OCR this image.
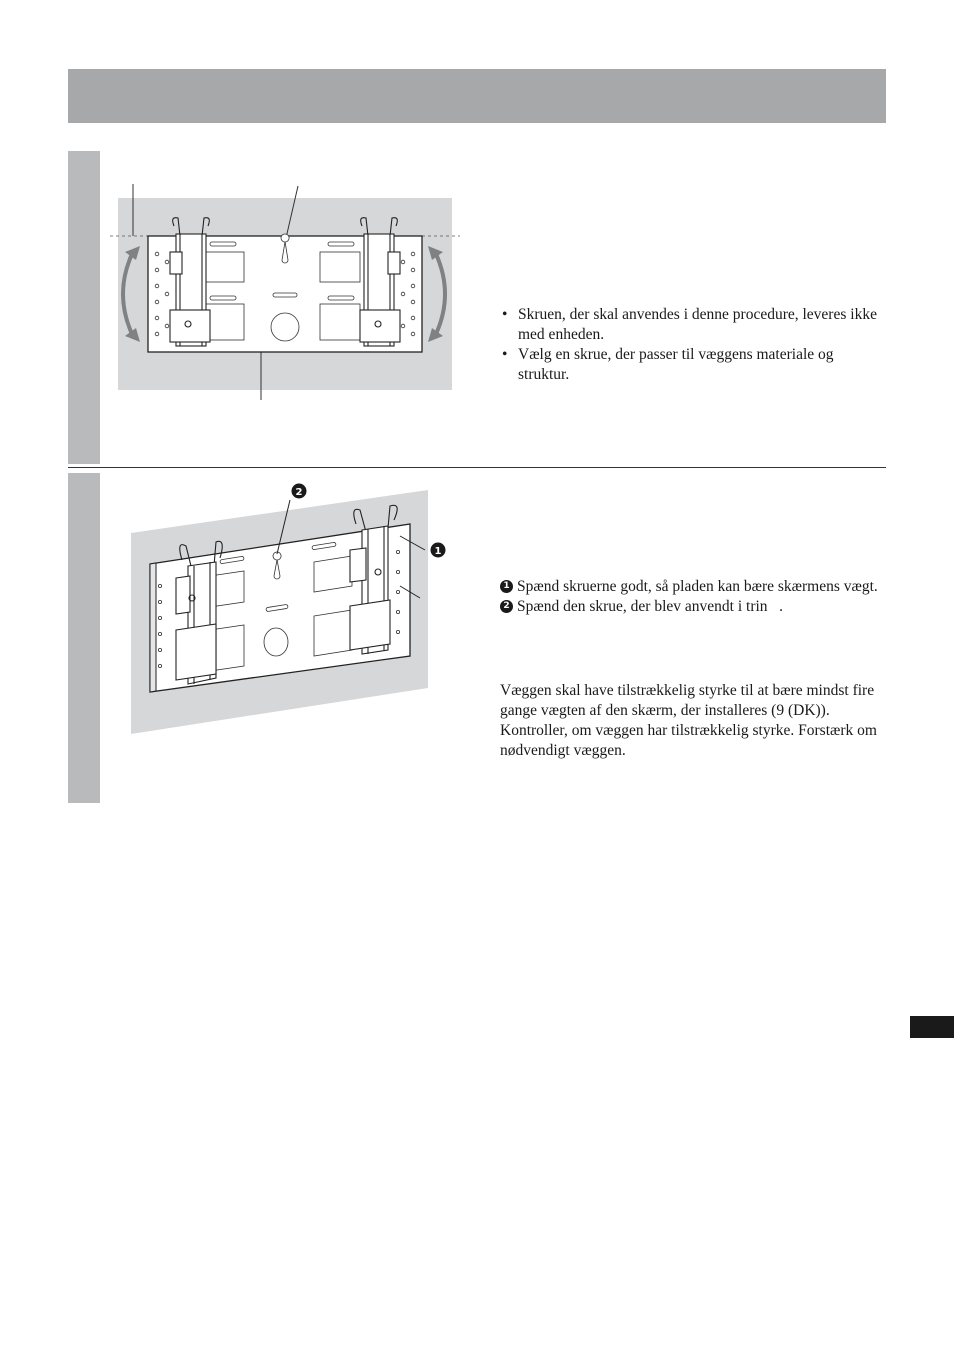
• Skruen, der skal anvendes i denne procedure, leveres ikke med enheden.

• Vælg en skrue, der passer til væggens materiale og struktur.

2
1

1 Spænd skruerne godt, så pladen kan bære skærmens vægt.

2 Spænd den skrue, der blev anvendt i trin   .

Væggen skal have tilstrækkelig styrke til at bære mindst fire gange vægten af den skærm, der installeres (9 (DK)). Kontroller, om væggen har tilstrækkelig styrke. Forstærk om nødvendigt væggen.
